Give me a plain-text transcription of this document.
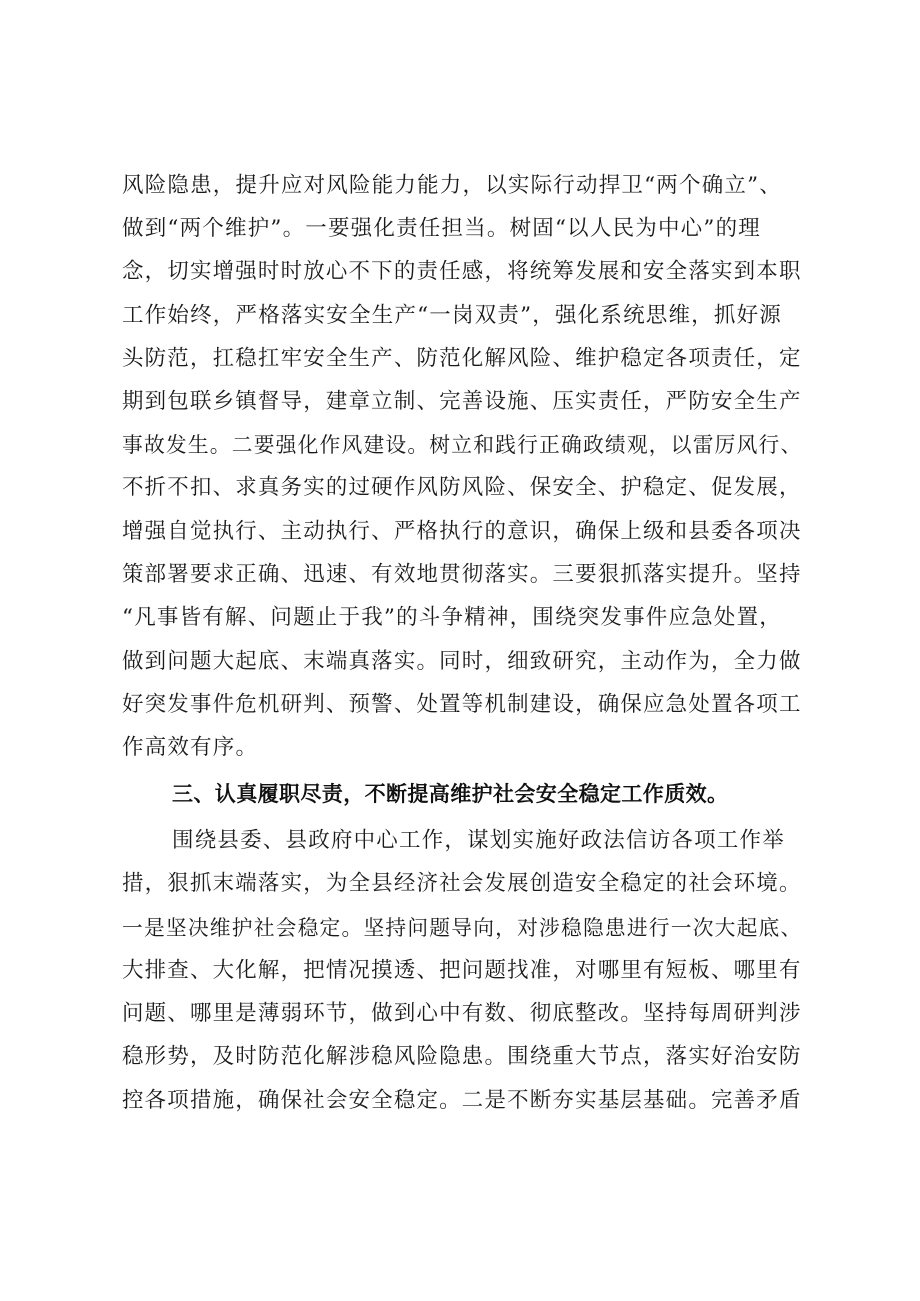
风险隐患，提升应对风险能力能力，以实际行动捍卫“两个确立”、
做到“两个维护”。一要强化责任担当。树固“以人民为中心”的理
念，切实增强时时放心不下的责任感，将统筹发展和安全落实到本职
工作始终，严格落实安全生产“一岗双责”，强化系统思维，抓好源
头防范，扛稳扛牢安全生产、防范化解风险、维护稳定各项责任，定
期到包联乡镇督导，建章立制、完善设施、压实责任，严防安全生产
事故发生。二要强化作风建设。树立和践行正确政绩观，以雷厉风行、
不折不扣、求真务实的过硬作风防风险、保安全、护稳定、促发展，
增强自觉执行、主动执行、严格执行的意识，确保上级和县委各项决
策部署要求正确、迅速、有效地贯彻落实。三要狠抓落实提升。坚持
“凡事皆有解、问题止于我”的斗争精神，围绕突发事件应急处置，
做到问题大起底、末端真落实。同时，细致研究，主动作为，全力做
好突发事件危机研判、预警、处置等机制建设，确保应急处置各项工
作高效有序。
三、认真履职尽责，不断提高维护社会安全稳定工作质效。
围绕县委、县政府中心工作，谋划实施好政法信访各项工作举
措，狠抓末端落实，为全县经济社会发展创造安全稳定的社会环境。
一是坚决维护社会稳定。坚持问题导向，对涉稳隐患进行一次大起底、
大排查、大化解，把情况摸透、把问题找准，对哪里有短板、哪里有
问题、哪里是薄弱环节，做到心中有数、彻底整改。坚持每周研判涉
稳形势，及时防范化解涉稳风险隐患。围绕重大节点，落实好治安防
控各项措施，确保社会安全稳定。二是不断夯实基层基础。完善矛盾
